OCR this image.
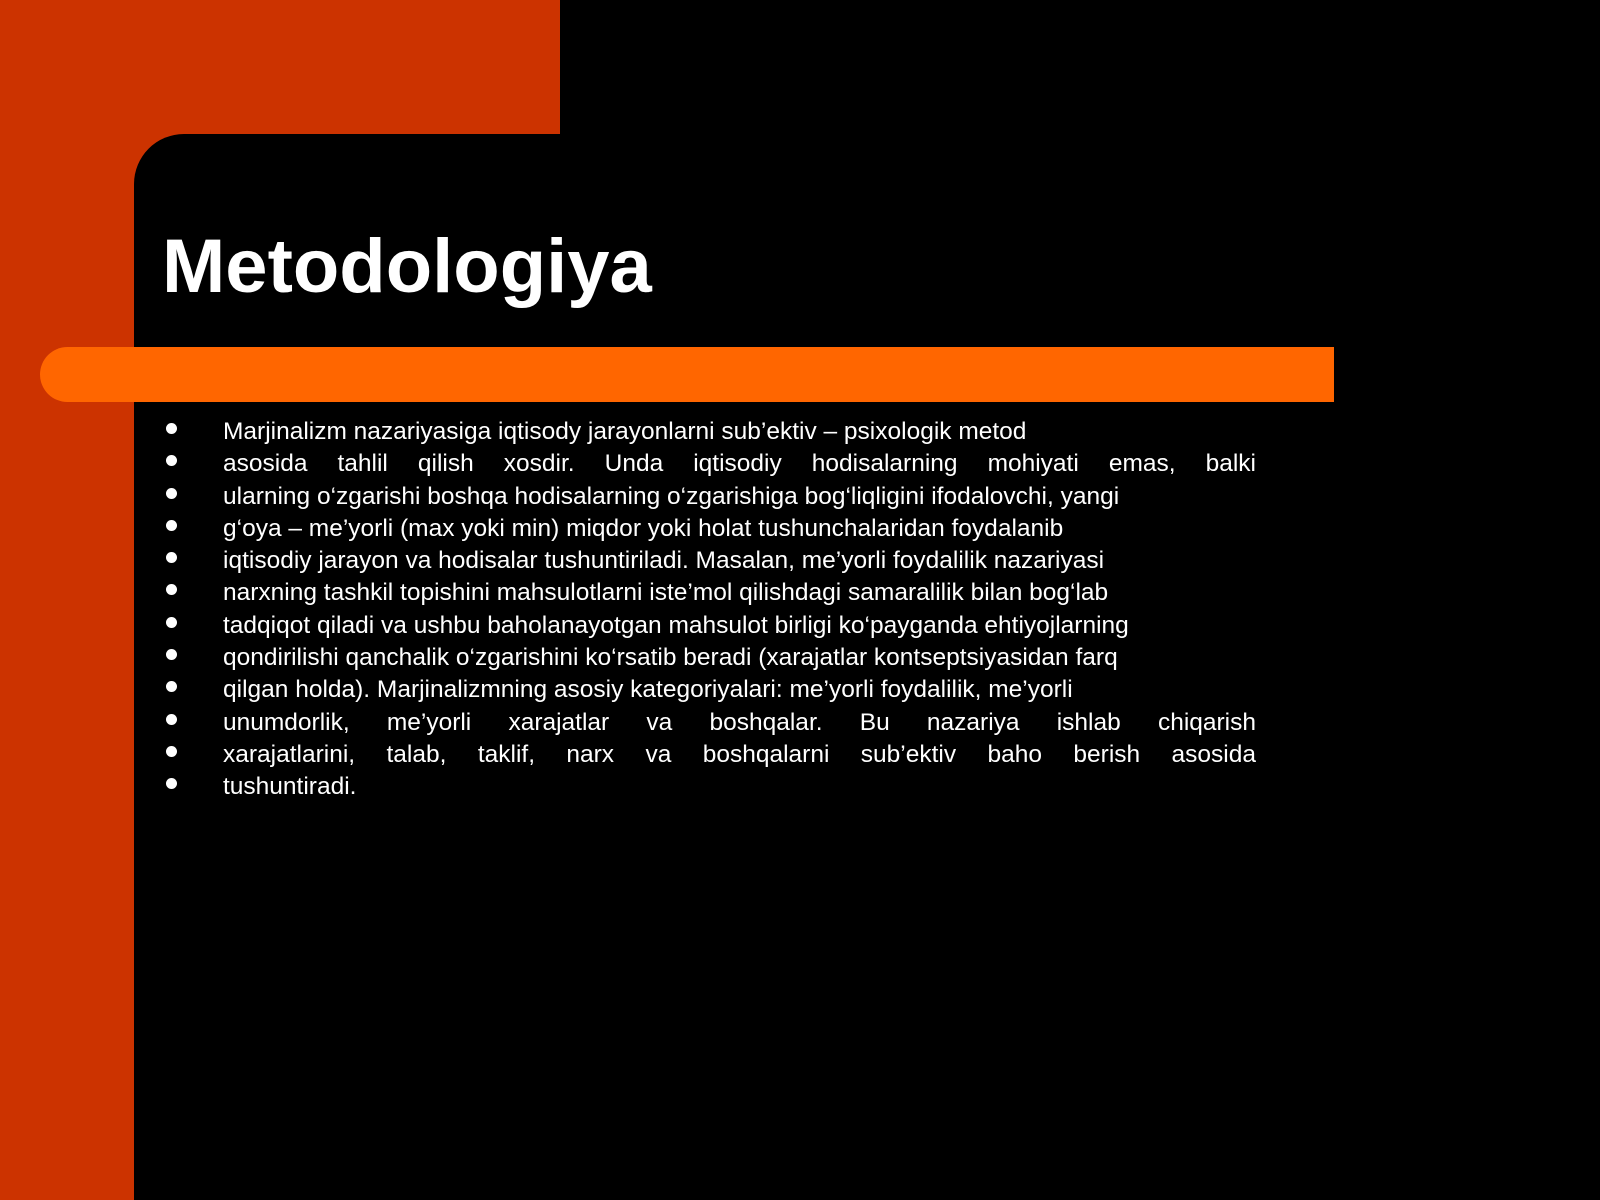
Metodologiya
Marjinalizm nazariyasiga iqtisody jarayonlarni sub’ektiv – psixologik metod
asosida tahlil qilish xosdir. Unda iqtisodiy hodisalarning mohiyati emas, balki
ularning o‘zgarishi boshqa hodisalarning o‘zgarishiga bog‘liqligini ifodalovchi, yangi
g‘oya – me’yorli (max yoki min) miqdor yoki holat tushunchalaridan foydalanib
iqtisodiy jarayon va hodisalar tushuntiriladi. Masalan, me’yorli foydalilik nazariyasi
narxning tashkil topishini mahsulotlarni iste’mol qilishdagi samaralilik bilan bog‘lab
tadqiqot qiladi va ushbu baholanayotgan mahsulot birligi ko‘payganda ehtiyojlarning
qondirilishi qanchalik o‘zgarishini ko‘rsatib beradi (xarajatlar kontseptsiyasidan farq
qilgan holda). Marjinalizmning asosiy kategoriyalari: me’yorli foydalilik, me’yorli
unumdorlik, me’yorli xarajatlar va boshqalar. Bu nazariya ishlab chiqarish
xarajatlarini, talab, taklif, narx va boshqalarni sub’ektiv baho berish asosida
tushuntiradi.
